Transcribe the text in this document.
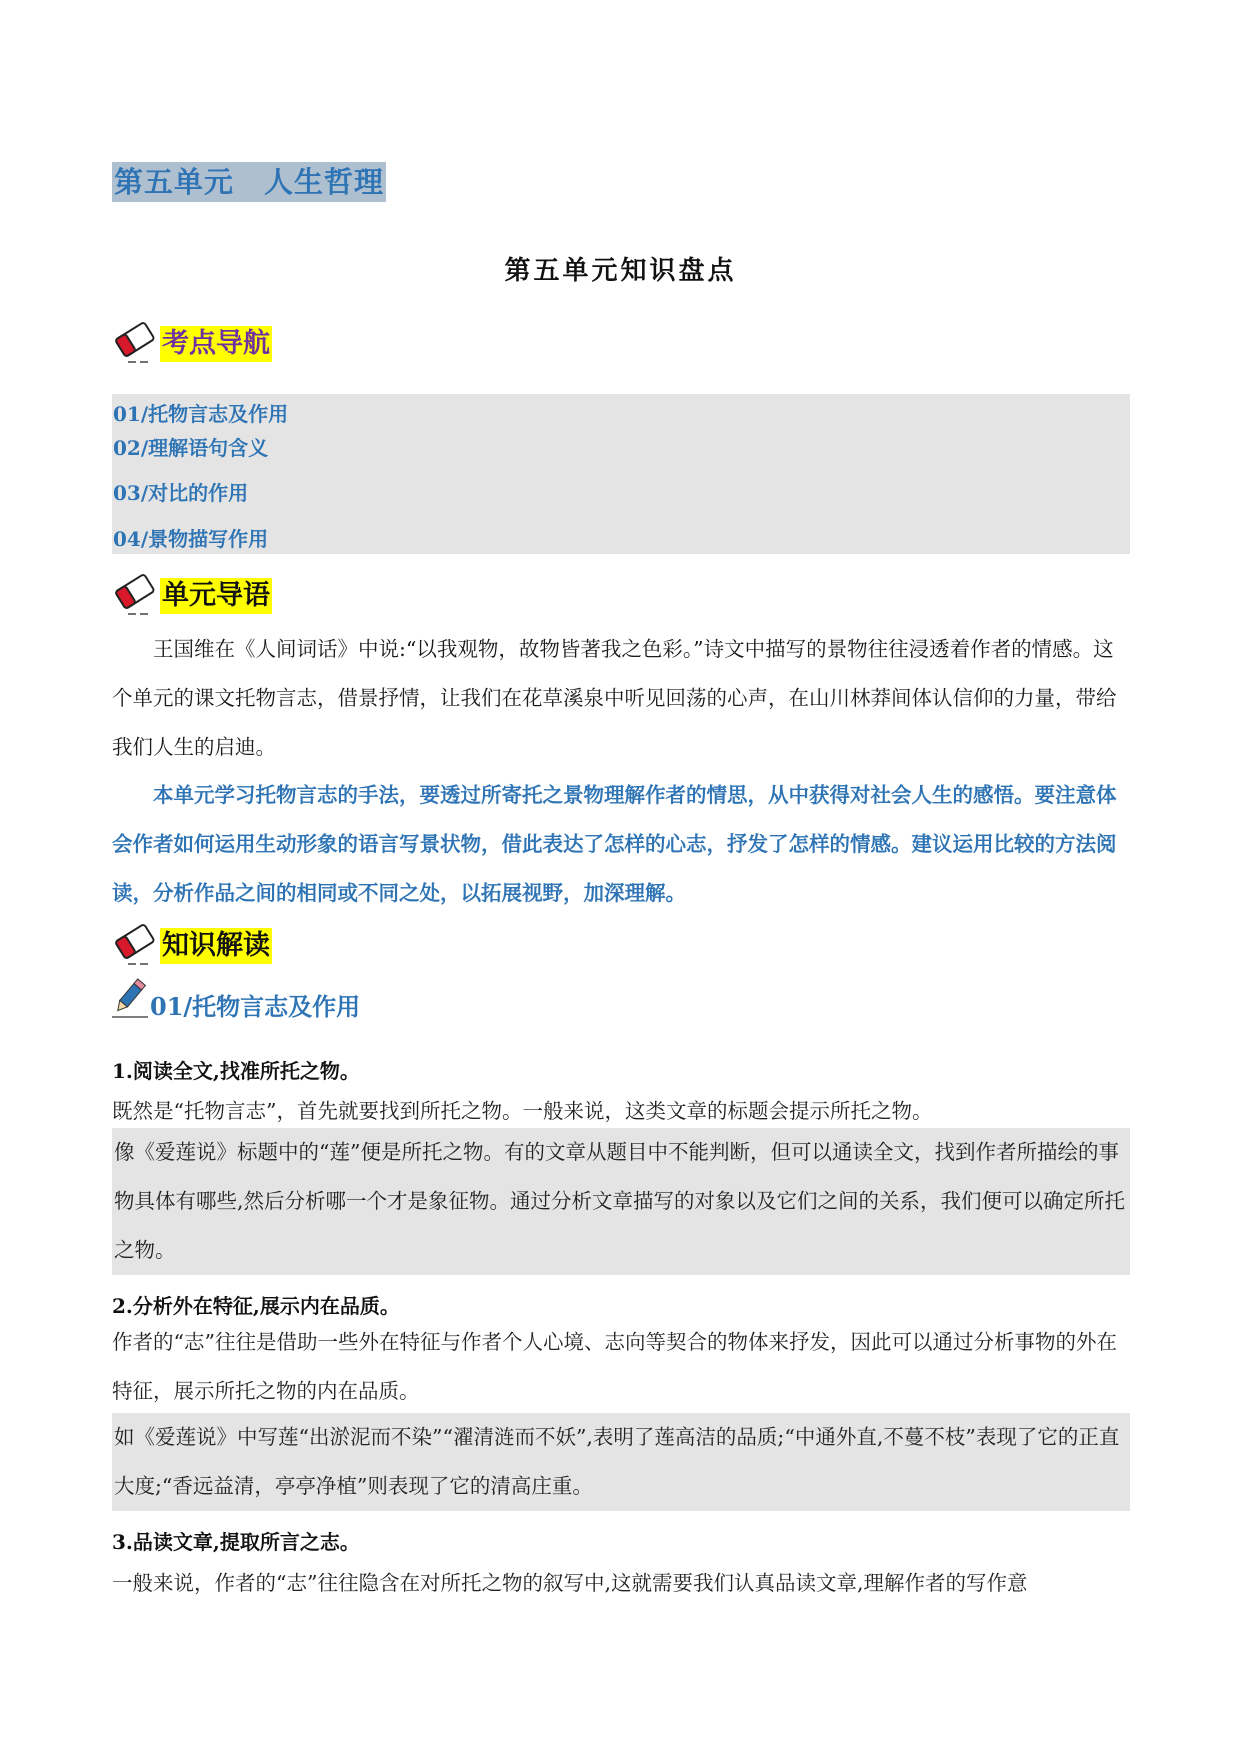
第五单元　人生哲理
第五单元知识盘点
考点导航
01/托物言志及作用
02/理解语句含义
03/对比的作用
04/景物描写作用
单元导语

王国维在《人间词话》中说:“以我观物，故物皆著我之色彩。”诗文中描写的景物往往浸透着作者的情感。这个单元的课文托物言志，借景抒情，让我们在花草溪泉中听见回荡的心声，在山川林莽间体认信仰的力量，带给我们人生的启迪。

本单元学习托物言志的手法，要透过所寄托之景物理解作者的情思，从中获得对社会人生的感悟。要注意体会作者如何运用生动形象的语言写景状物，借此表达了怎样的心志，抒发了怎样的情感。建议运用比较的方法阅读，分析作品之间的相同或不同之处，以拓展视野，加深理解。

知识解读
01/托物言志及作用
1.阅读全文,找准所托之物。
既然是“托物言志”，首先就要找到所托之物。一般来说，这类文章的标题会提示所托之物。

像《爱莲说》标题中的“莲”便是所托之物。有的文章从题目中不能判断，但可以通读全文，找到作者所描绘的事物具体有哪些,然后分析哪一个才是象征物。通过分析文章描写的对象以及它们之间的关系，我们便可以确定所托之物。

2.分析外在特征,展示内在品质。

作者的“志”往往是借助一些外在特征与作者个人心境、志向等契合的物体来抒发，因此可以通过分析事物的外在特征，展示所托之物的内在品质。

如《爱莲说》中写莲“出淤泥而不染”“濯清涟而不妖”,表明了莲高洁的品质;“中通外直,不蔓不枝”表现了它的正直大度;“香远益清，亭亭净植”则表现了它的清高庄重。

3.品读文章,提取所言之志。
一般来说，作者的“志”往往隐含在对所托之物的叙写中,这就需要我们认真品读文章,理解作者的写作意
